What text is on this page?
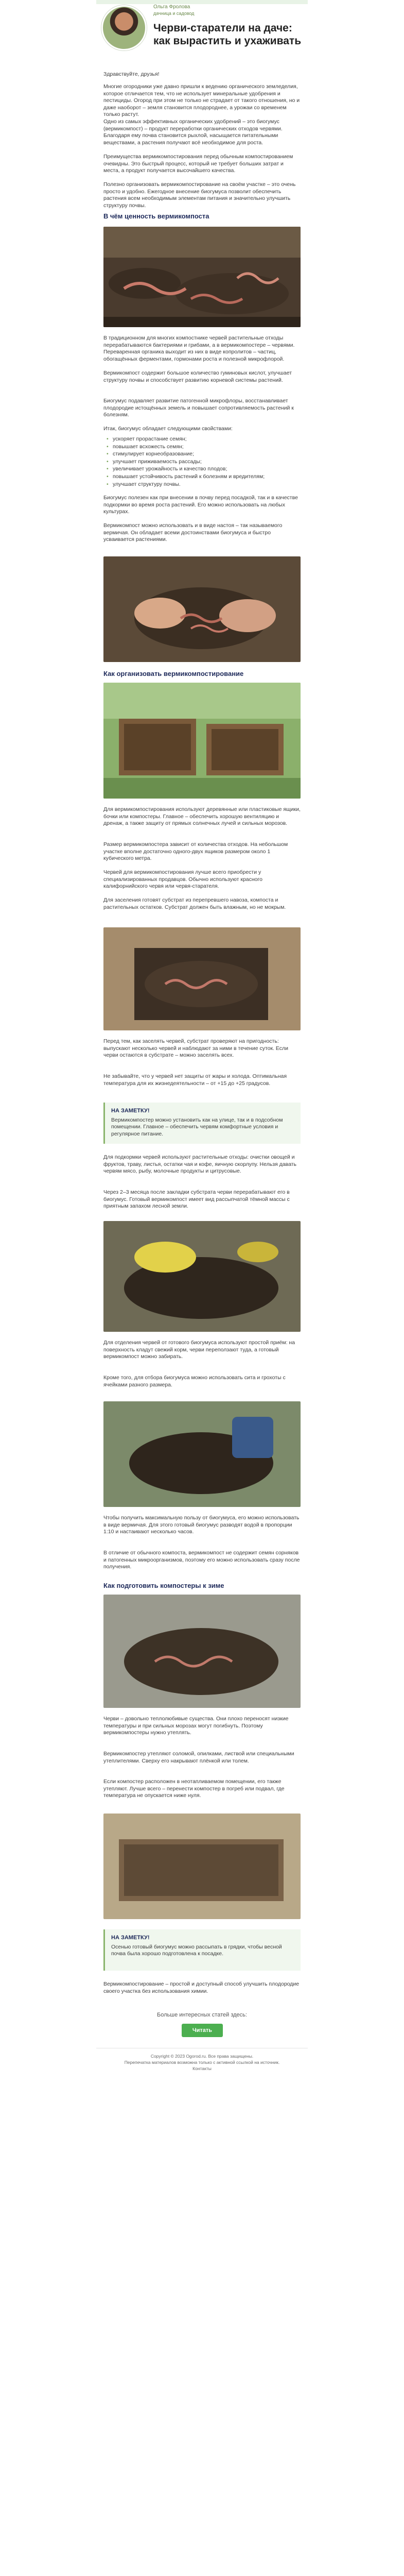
Ольга Фролова
дачница и садовод
Черви-старатели на даче: как вырастить и ухаживать
Здравствуйте, друзья!
Многие огородники уже давно пришли к ведению органического земледелия, которое отличается тем, что не использует минеральные удобрения и пестициды. Огород при этом не только не страдает от такого отношения, но и даже наоборот – земля становится плодороднее, а урожаи со временем только растут.
Одно из самых эффективных органических удобрений – это биогумус (вермикомпост) – продукт переработки органических отходов червями. Благодаря ему почва становится рыхлой, насыщается питательными веществами, а растения получают всё необходимое для роста.
Преимущества вермикомпостирования перед обычным компостированием очевидны. Это быстрый процесс, который не требует больших затрат и места, а продукт получается высочайшего качества.
Полезно организовать вермикомпостирование на своём участке – это очень просто и удобно. Ежегодное внесение биогумуса позволит обеспечить растения всем необходимым элементам питания и значительно улучшить структуру почвы.
В чём ценность вермикомпоста
В традиционном для многих компостнике червей растительные отходы перерабатываются бактериями и грибами, а в вермикомпостере – червями. Переваренная органика выходит из них в виде копролитов – частиц, обогащённых ферментами, гормонами роста и полезной микрофлорой.
Вермикомпост содержит большое количество гуминовых кислот, улучшает структуру почвы и способствует развитию корневой системы растений.
Биогумус подавляет развитие патогенной микрофлоры, восстанавливает плодородие истощённых земель и повышает сопротивляемость растений к болезням.
Итак, биогумус обладает следующими свойствами:
• ускоряет прорастание семян;
• повышает всхожесть семян;
• стимулирует корнеобразование;
• улучшает приживаемость рассады;
• увеличивает урожайность и качество плодов;
• повышает устойчивость растений к болезням и вредителям;
• улучшает структуру почвы.
Биогумус полезен как при внесении в почву перед посадкой, так и в качестве подкормки во время роста растений. Его можно использовать на любых культурах.
Вермикомпост можно использовать и в виде настоя – так называемого вермичая. Он обладает всеми достоинствами биогумуса и быстро усваивается растениями.
Как организовать вермикомпостирование
Для вермикомпостирования используют деревянные или пластиковые ящики, бочки или компостеры. Главное – обеспечить хорошую вентиляцию и дренаж, а также защиту от прямых солнечных лучей и сильных морозов.
Размер вермикомпостера зависит от количества отходов. На небольшом участке вполне достаточно одного-двух ящиков размером около 1 кубического метра.
Червей для вермикомпостирования лучше всего приобрести у специализированных продавцов. Обычно используют красного калифорнийского червя или червя-старателя.
Для заселения готовят субстрат из перепревшего навоза, компоста и растительных остатков. Субстрат должен быть влажным, но не мокрым.
Перед тем, как заселять червей, субстрат проверяют на пригодность: выпускают несколько червей и наблюдают за ними в течение суток. Если черви остаются в субстрате – можно заселять всех.
Не забывайте, что у червей нет защиты от жары и холода. Оптимальная температура для их жизнедеятельности – от +15 до +25 градусов.
НА ЗАМЕТКУ!
Вермикомпостер можно установить как на улице, так и в подсобном помещении. Главное – обеспечить червям комфортные условия и регулярное питание.
Для подкормки червей используют растительные отходы: очистки овощей и фруктов, траву, листья, остатки чая и кофе, яичную скорлупу. Нельзя давать червям мясо, рыбу, молочные продукты и цитрусовые.
Через 2–3 месяца после закладки субстрата черви перерабатывают его в биогумус. Готовый вермикомпост имеет вид рассыпчатой тёмной массы с приятным запахом лесной земли.
Для отделения червей от готового биогумуса используют простой приём: на поверхность кладут свежий корм, черви переползают туда, а готовый вермикомпост можно забирать.
Кроме того, для отбора биогумуса можно использовать сита и грохоты с ячейками разного размера.
Чтобы получить максимальную пользу от биогумуса, его можно использовать в виде вермичая. Для этого готовый биогумус разводят водой в пропорции 1:10 и настаивают несколько часов.
В отличие от обычного компоста, вермикомпост не содержит семян сорняков и патогенных микроорганизмов, поэтому его можно использовать сразу после получения.
Как подготовить компостеры к зиме
Черви – довольно теплолюбивые существа. Они плохо переносят низкие температуры и при сильных морозах могут погибнуть. Поэтому вермикомпостеры нужно утеплять.
Вермикомпостер утепляют соломой, опилками, листвой или специальными утеплителями. Сверху его накрывают плёнкой или толем.
Если компостер расположен в неотапливаемом помещении, его также утепляют. Лучше всего – перенести компостер в погреб или подвал, где температура не опускается ниже нуля.
НА ЗАМЕТКУ!
Осенью готовый биогумус можно рассыпать в грядки, чтобы весной почва была хорошо подготовлена к посадке.
Вермикомпостирование – простой и доступный способ улучшить плодородие своего участка без использования химии.
Больше интересных статей здесь:
Читать
Copyright © 2023 Ogorod.ru. Все права защищены.
Перепечатка материалов возможна только с активной ссылкой на источник.
Контакты
